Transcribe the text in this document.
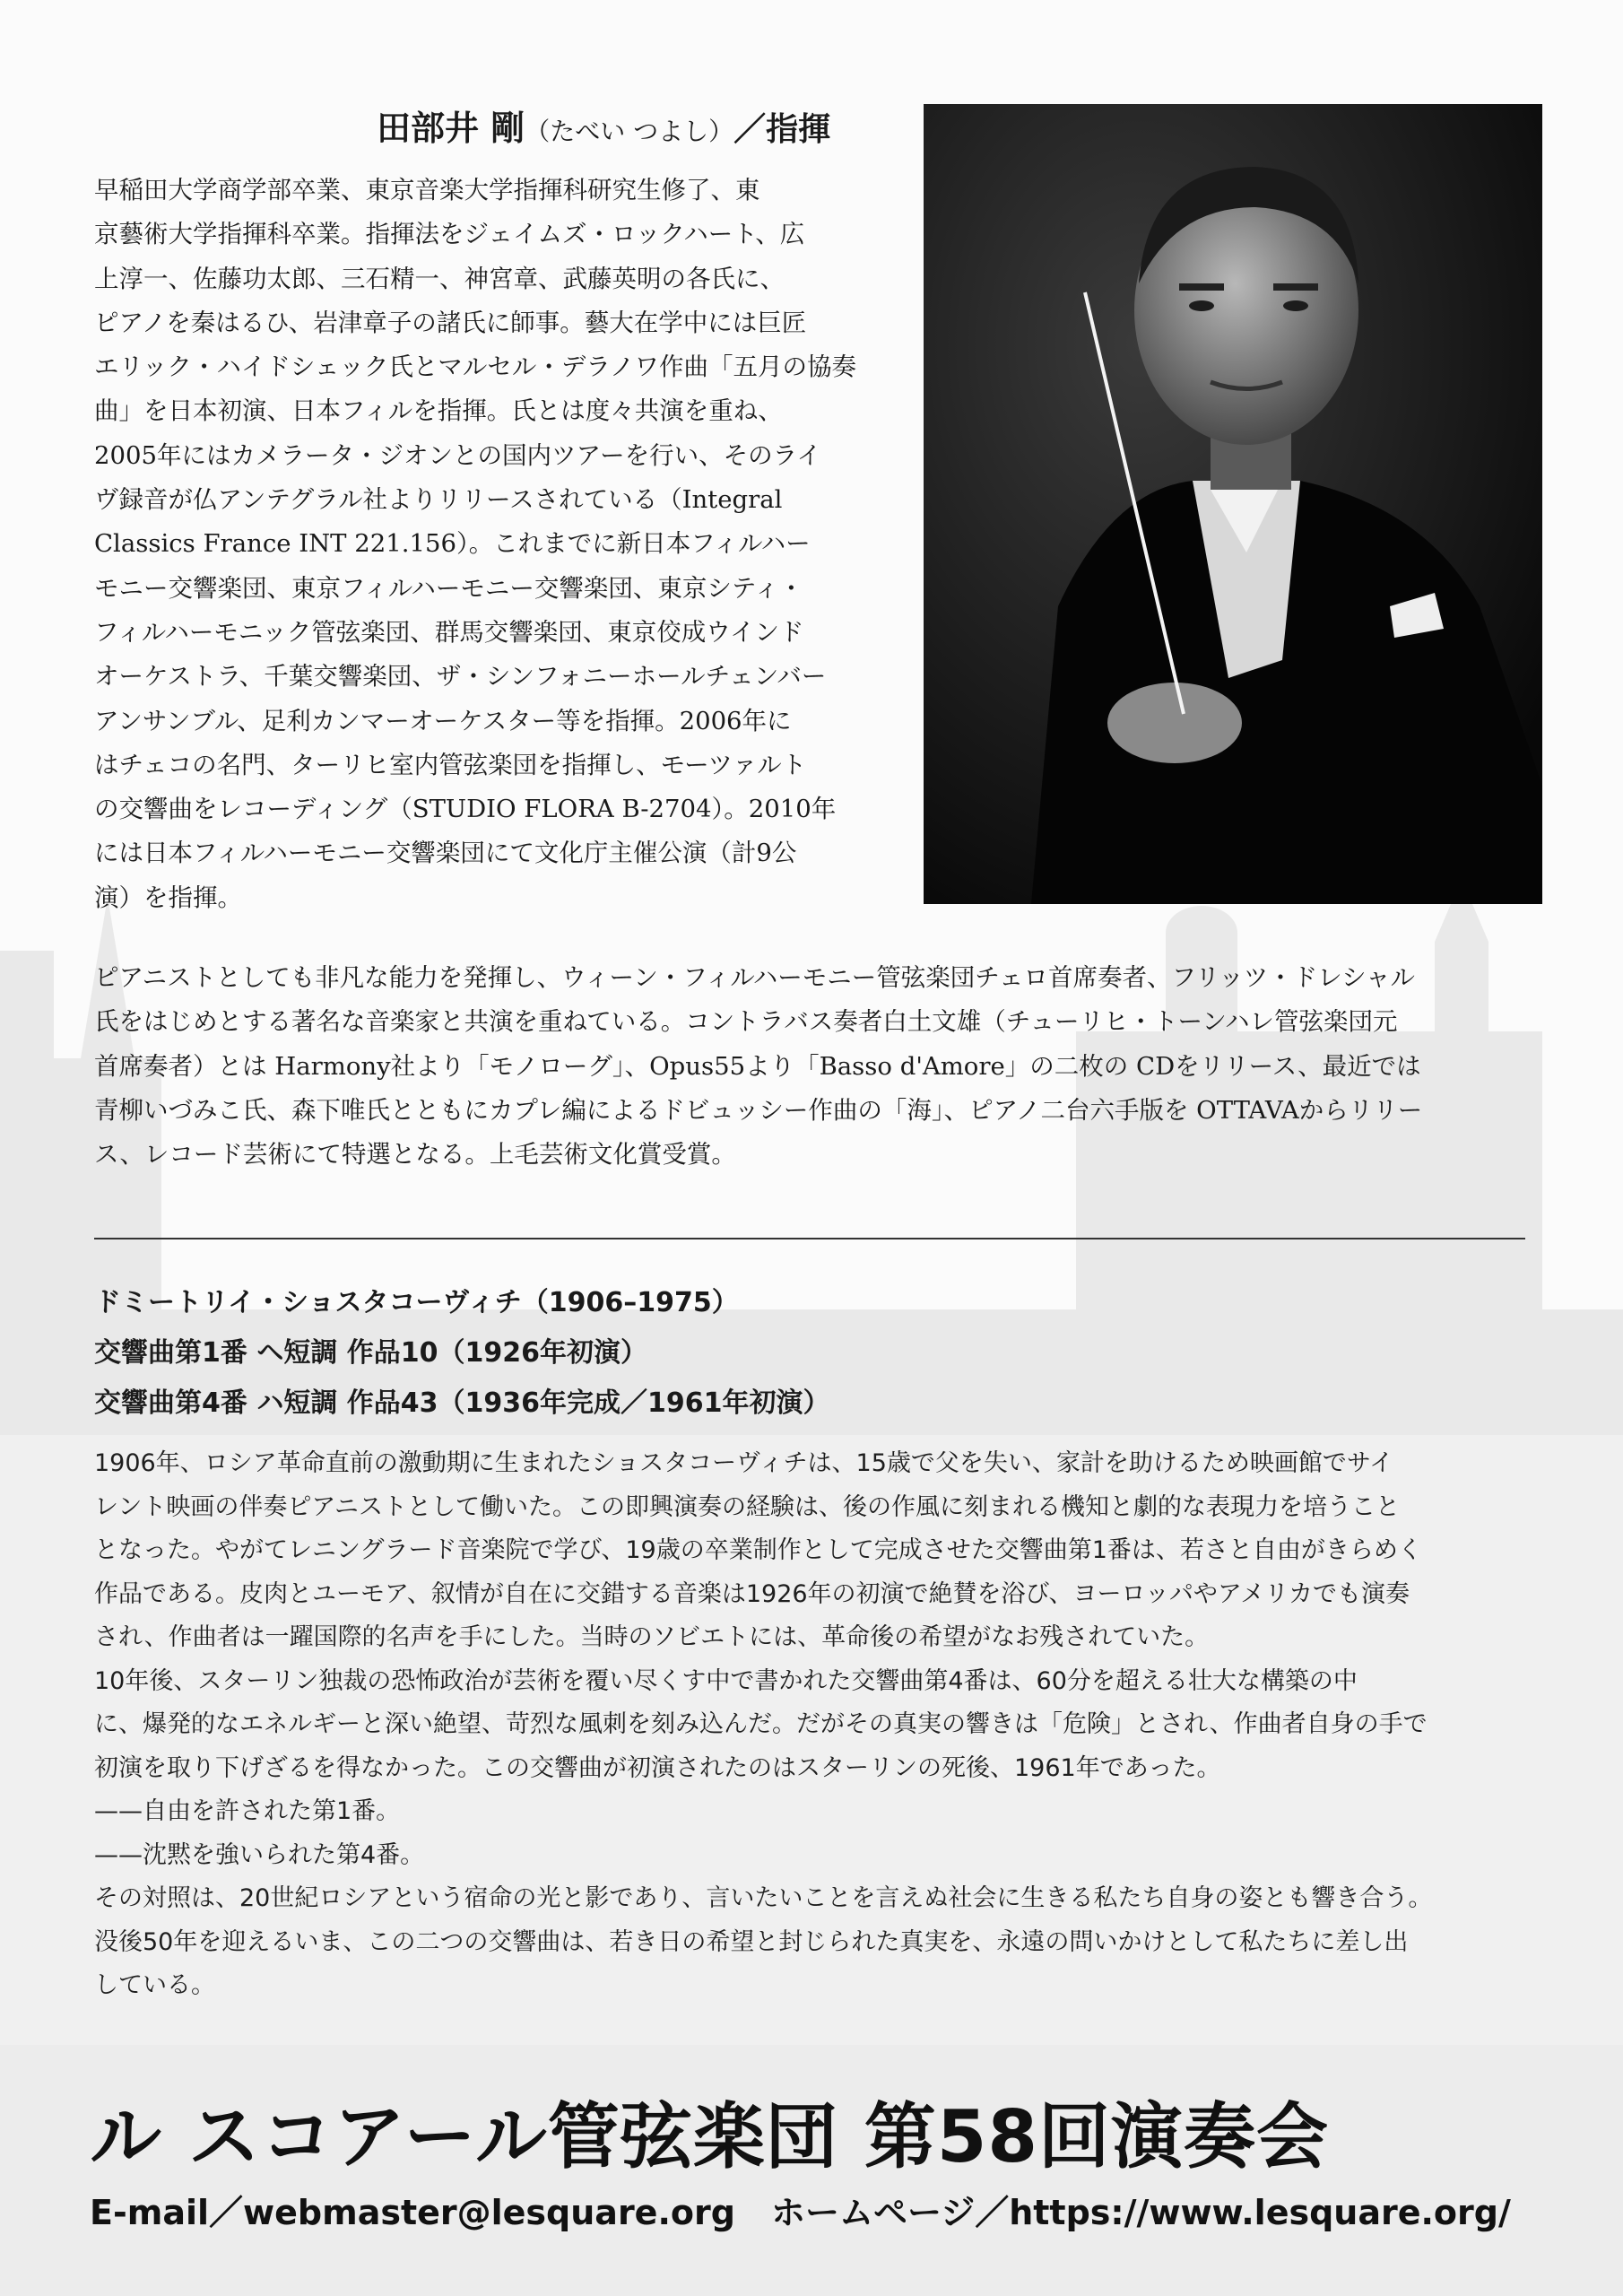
田部井 剛（たべい つよし）／指揮
早稲田大学商学部卒業、東京音楽大学指揮科研究生修了、東
京藝術大学指揮科卒業。指揮法をジェイムズ・ロックハート、広
上淳一、佐藤功太郎、三石精一、神宮章、武藤英明の各氏に、
ピアノを秦はるひ、岩津章子の諸氏に師事。藝大在学中には巨匠
エリック・ハイドシェック氏とマルセル・デラノワ作曲「五月の協奏
曲」を日本初演、日本フィルを指揮。氏とは度々共演を重ね、
2005年にはカメラータ・ジオンとの国内ツアーを行い、そのライ
ヴ録音が仏アンテグラル社よりリリースされている（Integral
Classics France INT 221.156）。これまでに新日本フィルハー
モニー交響楽団、東京フィルハーモニー交響楽団、東京シティ・
フィルハーモニック管弦楽団、群馬交響楽団、東京佼成ウインド
オーケストラ、千葉交響楽団、ザ・シンフォニーホールチェンバー
アンサンブル、足利カンマーオーケスター等を指揮。2006年に
はチェコの名門、ターリヒ室内管弦楽団を指揮し、モーツァルト
の交響曲をレコーディング（STUDIO FLORA B-2704）。2010年
には日本フィルハーモニー交響楽団にて文化庁主催公演（計9公
演）を指揮。
ピアニストとしても非凡な能力を発揮し、ウィーン・フィルハーモニー管弦楽団チェロ首席奏者、フリッツ・ドレシャル
氏をはじめとする著名な音楽家と共演を重ねている。コントラバス奏者白土文雄（チューリヒ・トーンハレ管弦楽団元
首席奏者）とは Harmony社より「モノローグ」、Opus55より「Basso d'Amore」の二枚の CDをリリース、最近では
青柳いづみこ氏、森下唯氏とともにカプレ編によるドビュッシー作曲の「海」、ピアノ二台六手版を OTTAVAからリリー
ス、レコード芸術にて特選となる。上毛芸術文化賞受賞。
ドミートリイ・ショスタコーヴィチ（1906–1975）
交響曲第1番 ヘ短調 作品10（1926年初演）
交響曲第4番 ハ短調 作品43（1936年完成／1961年初演）
1906年、ロシア革命直前の激動期に生まれたショスタコーヴィチは、15歳で父を失い、家計を助けるため映画館でサイ
レント映画の伴奏ピアニストとして働いた。この即興演奏の経験は、後の作風に刻まれる機知と劇的な表現力を培うこと
となった。やがてレニングラード音楽院で学び、19歳の卒業制作として完成させた交響曲第1番は、若さと自由がきらめく
作品である。皮肉とユーモア、叙情が自在に交錯する音楽は1926年の初演で絶賛を浴び、ヨーロッパやアメリカでも演奏
され、作曲者は一躍国際的名声を手にした。当時のソビエトには、革命後の希望がなお残されていた。
10年後、スターリン独裁の恐怖政治が芸術を覆い尽くす中で書かれた交響曲第4番は、60分を超える壮大な構築の中
に、爆発的なエネルギーと深い絶望、苛烈な風刺を刻み込んだ。だがその真実の響きは「危険」とされ、作曲者自身の手で
初演を取り下げざるを得なかった。この交響曲が初演されたのはスターリンの死後、1961年であった。
——自由を許された第1番。
——沈黙を強いられた第4番。
その対照は、20世紀ロシアという宿命の光と影であり、言いたいことを言えぬ社会に生きる私たち自身の姿とも響き合う。
没後50年を迎えるいま、この二つの交響曲は、若き日の希望と封じられた真実を、永遠の問いかけとして私たちに差し出
している。
ル スコアール管弦楽団 第58回演奏会
E-mail／webmaster@lesquare.org ホームページ／https://www.lesquare.org/
